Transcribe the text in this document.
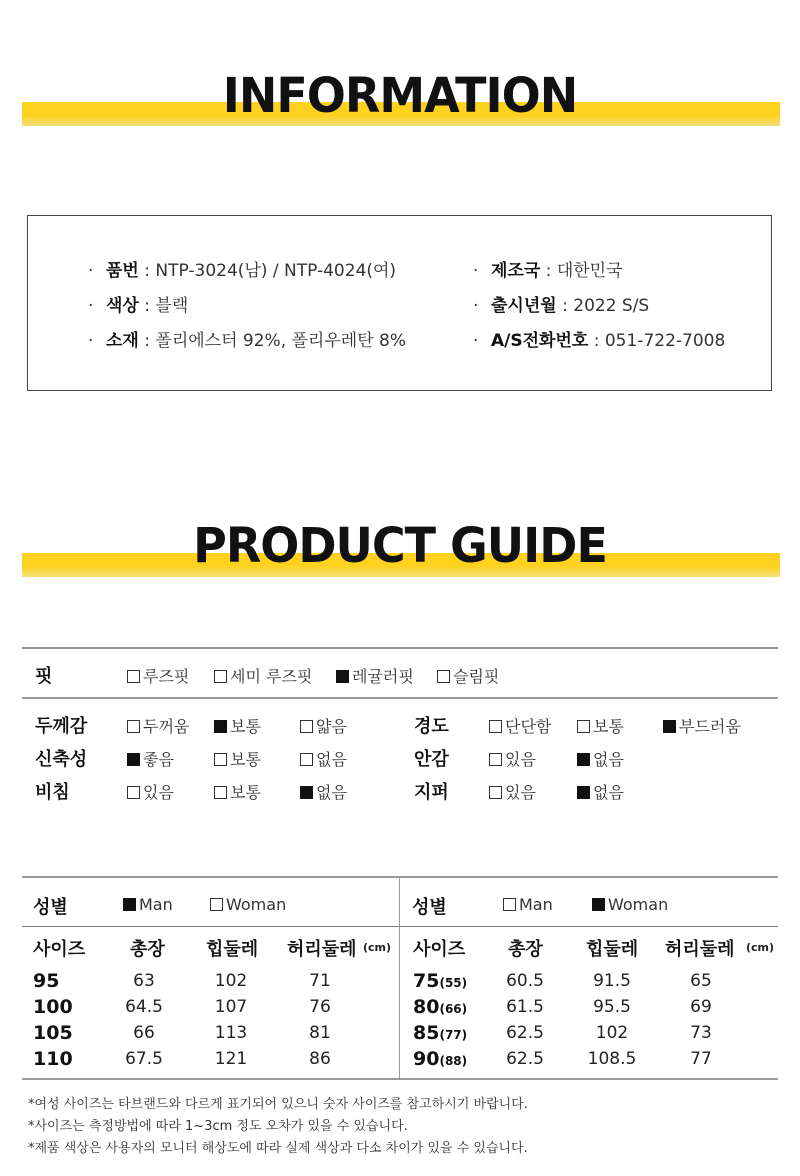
INFORMATION
· 품번 : NTP-3024(남) / NTP-4024(여)
· 색상 : 블랙
· 소재 : 폴리에스터 92%, 폴리우레탄 8%
· 제조국 : 대한민국
· 출시년월 : 2022 S/S
· A/S전화번호 : 051-722-7008
PRODUCT GUIDE
핏	루즈핏	세미 루즈핏	레귤러핏	슬림핏
두께감	두꺼움	보통	얇음
신축성	좋음	보통	없음
비침	있음	보통	없음
경도	단단함	보통	부드러움
안감	있음	없음
지퍼	있음	없음
성별	Man	Woman
사이즈 총장 힙둘레 허리둘레 (cm)
95	63	102	71
100	64.5	107	76
105	66	113	81
110	67.5	121	86
성별	Man	Woman
사이즈 총장 힙둘레 허리둘레 (cm)
75(55)	60.5	91.5	65
80(66)	61.5	95.5	69
85(77)	62.5	102	73
90(88)	62.5	108.5	77
*여성 사이즈는 타브랜드와 다르게 표기되어 있으니 숫자 사이즈를 참고하시기 바랍니다.
*사이즈는 측정방법에 따라 1~3cm 정도 오차가 있을 수 있습니다.
*제품 색상은 사용자의 모니터 해상도에 따라 실제 색상과 다소 차이가 있을 수 있습니다.
